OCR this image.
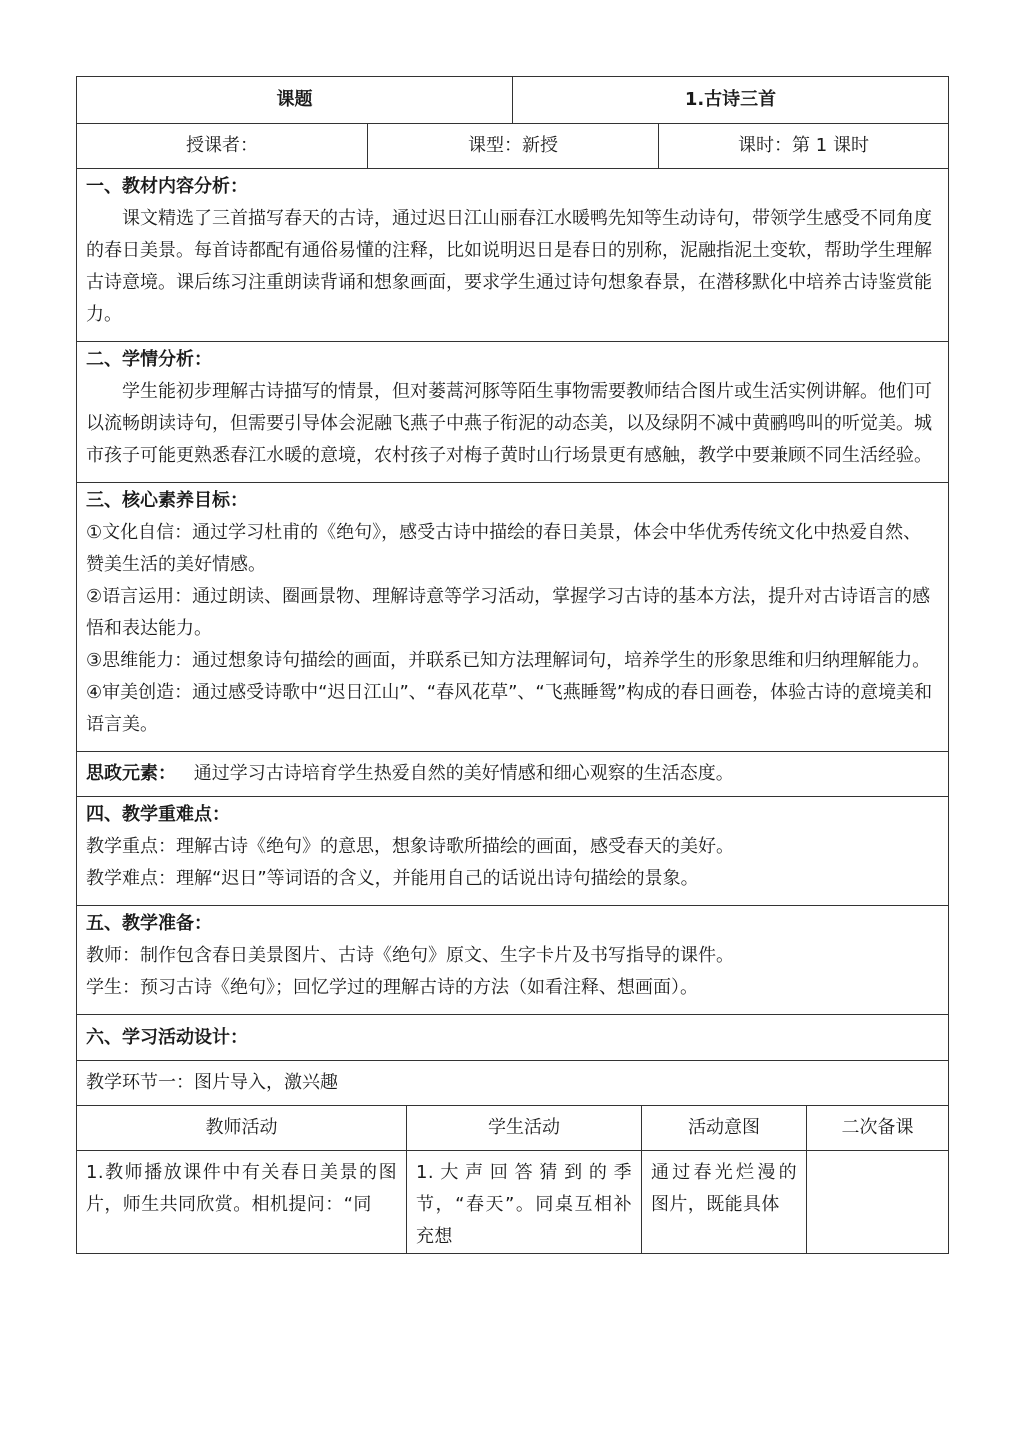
课题		1.古诗三首	
授课者：	课型：新授		课时：第 1 课时

一、教材内容分析：

课文精选了三首描写春天的古诗，通过迟日江山丽春江水暖鸭先知等生动诗句，带领学生感受不同角度的春日美景。每首诗都配有通俗易懂的注释，比如说明迟日是春日的别称，泥融指泥土变软，帮助学生理解古诗意境。课后练习注重朗读背诵和想象画面，要求学生通过诗句想象春景，在潜移默化中培养古诗鉴赏能力。			

二、学情分析：

学生能初步理解古诗描写的情景，但对蒌蒿河豚等陌生事物需要教师结合图片或生活实例讲解。他们可以流畅朗读诗句，但需要引导体会泥融飞燕子中燕子衔泥的动态美，以及绿阴不减中黄鹂鸣叫的听觉美。城市孩子可能更熟悉春江水暖的意境，农村孩子对梅子黄时山行场景更有感触，教学中要兼顾不同生活经验。			

三、核心素养目标：

①文化自信：通过学习杜甫的《绝句》，感受古诗中描绘的春日美景，体会中华优秀传统文化中热爱自然、赞美生活的美好情感。

②语言运用：通过朗读、圈画景物、理解诗意等学习活动，掌握学习古诗的基本方法，提升对古诗语言的感悟和表达能力。

③思维能力：通过想象诗句描绘的画面，并联系已知方法理解词句，培养学生的形象思维和归纳理解能力。

④审美创造：通过感受诗歌中“迟日江山”、“春风花草”、“飞燕睡鸳”构成的春日画卷，体验古诗的意境美和语言美。			

思政元素： 通过学习古诗培育学生热爱自然的美好情感和细心观察的生活态度。			

四、教学重难点：

教学重点：理解古诗《绝句》的意思，想象诗歌所描绘的画面，感受春天的美好。

教学难点：理解“迟日”等词语的含义，并能用自己的话说出诗句描绘的景象。			

五、教学准备：

教师：制作包含春日美景图片、古诗《绝句》原文、生字卡片及书写指导的课件。

学生：预习古诗《绝句》；回忆学过的理解古诗的方法（如看注释、想画面）。			

六、学习活动设计：			
教学环节一：图片导入，激兴趣			
教师活动	学生活动	活动意图	二次备课
1.教师播放课件中有关春日美景的图片，师生共同欣赏。相机提问：“同	1.大声回答猜到的季节，“春天”。同桌互相补充想	通过春光烂漫的图片，既能具体	
